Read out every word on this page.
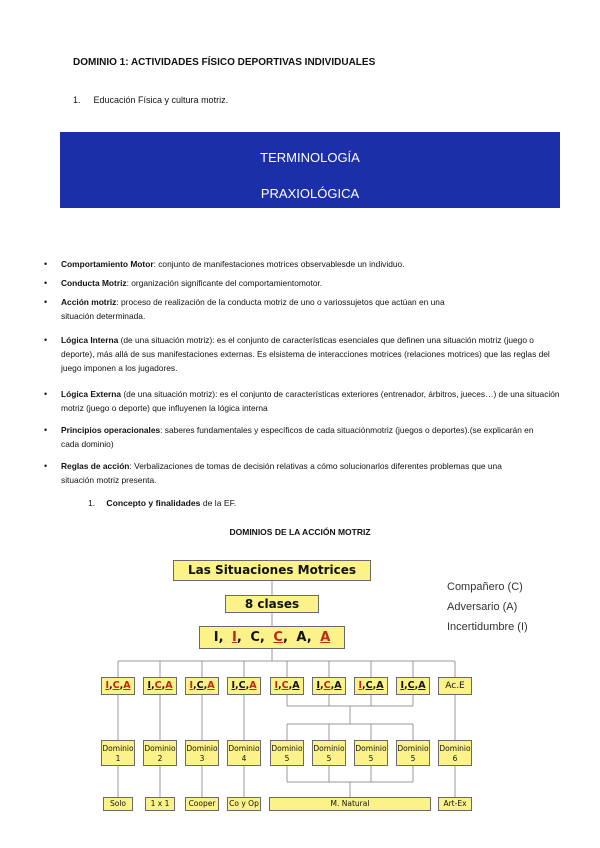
DOMINIO 1: ACTIVIDADES FÍSICO DEPORTIVAS INDIVIDUALES
1. Educación Física y cultura motriz.
TERMINOLOGÍA
PRAXIOLÓGICA
• Comportamiento Motor: conjunto de manifestaciones motrices observablesde un individuo.
• Conducta Motriz: organización significante del comportamientomotor.
• Acción motriz: proceso de realización de la conducta motriz de uno o variossujetos que actúan en una situación determinada.
• Lógica Interna (de una situación motriz): es el conjunto de características esenciales que definen una situación motriz (juego o deporte), más allá de sus manifestaciones externas. Es elsistema de interacciones motrices (relaciones motrices) que las reglas del juego imponen a los jugadores.
• Lógica Externa (de una situación motriz): es el conjunto de características exteriores (entrenador, árbitros, jueces…) de una situación motriz (juego o deporte) que influyenen la lógica interna
• Principios operacionales: saberes fundamentales y específicos de cada situaciónmotriz (juegos o deportes).(se explicarán en cada dominio)
• Reglas de acción: Verbalizaciones de tomas de decisión relativas a cómo solucionarlos diferentes problemas que una situación motriz presenta.
1. Concepto y finalidades de la EF.
DOMINIOS DE LA ACCIÓN MOTRIZ
Las Situaciones Motrices
8 clases
I, I, C, C, A, A
Compañero (C)
Adversario (A)
Incertidumbre (I)
I,C,A	I,C,A	I,C,A	I,C,A	I,C,A	I,C,A	I,C,A	I,C,A	Ac.E
Dominio
1
Dominio
2
Dominio
3
Dominio
4
Dominio
5
Dominio
5
Dominio
5
Dominio
5
Dominio
6
Solo	1 x 1	Cooper	Co y Op	M. Natural	Art-Ex
